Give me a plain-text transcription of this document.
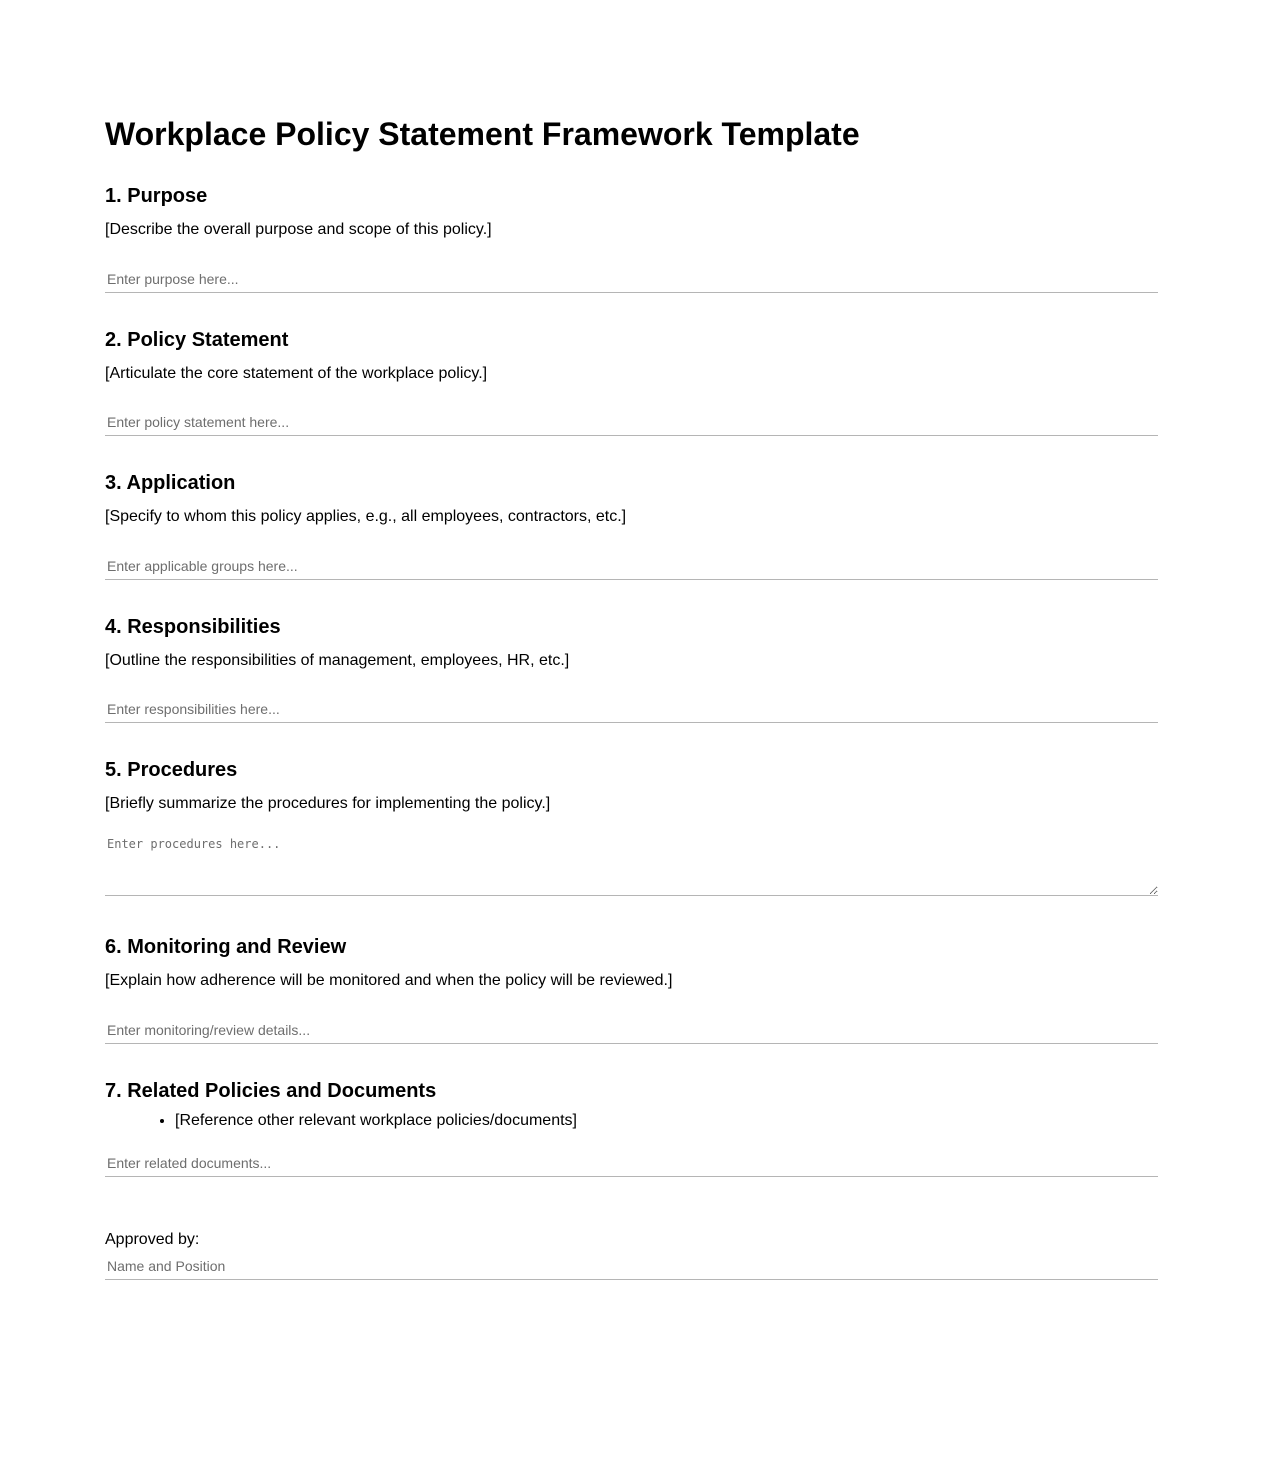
Workplace Policy Statement Framework Template
1. Purpose

[Describe the overall purpose and scope of this policy.]

Enter purpose here...
2. Policy Statement

[Articulate the core statement of the workplace policy.]

Enter policy statement here...
3. Application

[Specify to whom this policy applies, e.g., all employees, contractors, etc.]

Enter applicable groups here...
4. Responsibilities

[Outline the responsibilities of management, employees, HR, etc.]

Enter responsibilities here...
5. Procedures

[Briefly summarize the procedures for implementing the policy.]

Enter procedures here...
6. Monitoring and Review

[Explain how adherence will be monitored and when the policy will be reviewed.]

Enter monitoring/review details...
7. Related Policies and Documents
• [Reference other relevant workplace policies/documents]
Enter related documents...

Approved by:

Name and Position
